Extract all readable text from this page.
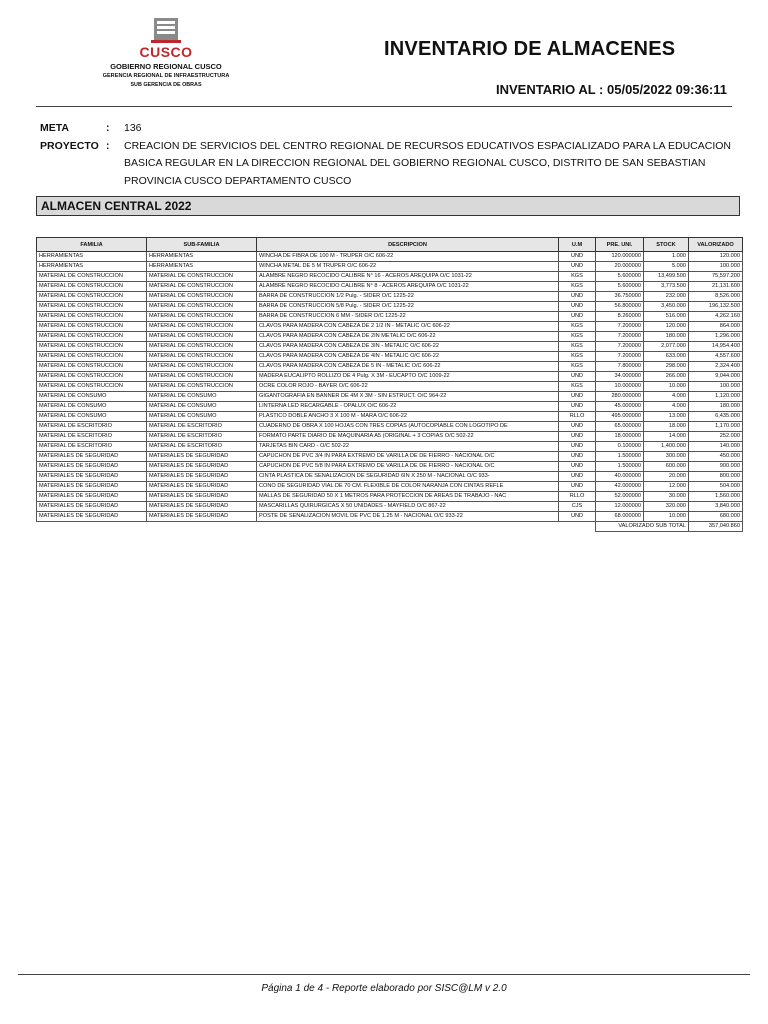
CUSCO
GOBIERNO REGIONAL CUSCO
GERENCIA REGIONAL DE INFRAESTRUCTURA
SUB GERENCIA DE OBRAS
INVENTARIO DE ALMACENES
INVENTARIO AL : 05/05/2022 09:36:11
META	:	136
PROYECTO :	CREACION DE SERVICIOS DEL CENTRO REGIONAL DE RECURSOS EDUCATIVOS ESPACIALIZADO PARA LA EDUCACION
BASICA REGULAR EN LA DIRECCION REGIONAL DEL GOBIERNO REGIONAL CUSCO, DISTRITO DE SAN SEBASTIAN
PROVINCIA CUSCO DEPARTAMENTO CUSCO
ALMACEN CENTRAL 2022
FAMILIA	SUB-FAMILIA	DESCRIPCION	U.M	PRE. UNI.	STOCK	VALORIZADO
HERRAMIENTAS	HERRAMIENTAS	WINCHA DE FIBRA DE 100 M - TRUPER O/C 606-22	UND	120.000000	1.000	120.000
HERRAMIENTAS	HERRAMIENTAS	WINCHA METAL DE 5 M TRUPER O/C 606-22	UND	20.000000	5.000	100.000
MATERIAL DE CONSTRUCCION	MATERIAL DE CONSTRUCCION	ALAMBRE NEGRO RECOCIDO CALIBRE N° 16 - ACEROS AREQUIPA O/C 1031-22	KGS	5.600000	13,499.500	75,597.200
MATERIAL DE CONSTRUCCION	MATERIAL DE CONSTRUCCION	ALAMBRE NEGRO RECOCIDO CALIBRE N° 8 - ACEROS AREQUIPA O/C 1031-22	KGS	5.600000	3,773.500	21,131.600
MATERIAL DE CONSTRUCCION	MATERIAL DE CONSTRUCCION	BARRA DE CONSTRUCCION 1/2 Pulg. - SIDER O/C 1225-22	UND	36.750000	232.000	8,526.000
MATERIAL DE CONSTRUCCION	MATERIAL DE CONSTRUCCION	BARRA DE CONSTRUCCION 5/8 Pulg. - SIDER O/C 1225-22	UND	56.800000	3,450.000	196,132.500
MATERIAL DE CONSTRUCCION	MATERIAL DE CONSTRUCCION	BARRA DE CONSTRUCCION 6 MM - SIDER O/C 1225-22	UND	8.260000	516.000	4,262.160
MATERIAL DE CONSTRUCCION	MATERIAL DE CONSTRUCCION	CLAVOS PARA MADERA CON CABEZA DE 2 1/2 IN - METALIC O/C 606-22	KGS	7.200000	120.000	864.000
MATERIAL DE CONSTRUCCION	MATERIAL DE CONSTRUCCION	CLAVOS PARA MADERA CON CABEZA DE 2IN METALIC O/C 606-22	KGS	7.200000	180.000	1,296.000
MATERIAL DE CONSTRUCCION	MATERIAL DE CONSTRUCCION	CLAVOS PARA MADERA CON CABEZA DE 3IN - METALIC O/C 606-22	KGS	7.200000	2,077.000	14,954.400
MATERIAL DE CONSTRUCCION	MATERIAL DE CONSTRUCCION	CLAVOS PARA MADERA CON CABEZA DE 4IN - METALIC O/C 606-22	KGS	7.200000	633.000	4,557.600
MATERIAL DE CONSTRUCCION	MATERIAL DE CONSTRUCCION	CLAVOS PARA MADERA CON CABEZA DE 5 IN - METALIC O/C 606-22	KGS	7.800000	298.000	2,324.400
MATERIAL DE CONSTRUCCION	MATERIAL DE CONSTRUCCION	MADERA EUCALIPTO ROLLIZO DE 4 Pulg. X 3M - EUCAPTO O/C 1009-22	UND	34.000000	266.000	9,044.000
MATERIAL DE CONSTRUCCION	MATERIAL DE CONSTRUCCION	OCRE COLOR ROJO - BAYER O/C 606-22	KGS	10.000000	10.000	100.000
MATERIAL DE CONSUMO	MATERIAL DE CONSUMO	GIGANTOGRAFIA EN BANNER DE 4M X 3M - SIN ESTRUCT. O/C 964-22	UND	280.000000	4.000	1,120.000
MATERIAL DE CONSUMO	MATERIAL DE CONSUMO	LINTERNA LED RECARGABLE - OPALUX O/C 606-22	UND	45.000000	4.000	180.000
MATERIAL DE CONSUMO	MATERIAL DE CONSUMO	PLASTICO DOBLE ANCHO 3 X 100 M - MARA O/C 606-22	RLLO	495.000000	13.000	6,435.000
MATERIAL DE ESCRITORIO	MATERIAL DE ESCRITORIO	CUADERNO DE OBRA X 100 HOJAS CON TRES COPIAS (AUTOCOPIABLE CON LOGOTIPO DE	UND	65.000000	18.000	1,170.000
MATERIAL DE ESCRITORIO	MATERIAL DE ESCRITORIO	FORMATO PARTE DIARIO DE MAQUINARIA A5 (ORIGINAL + 3 COPIAS O/C 502-22	UND	18.000000	14.000	252.000
MATERIAL DE ESCRITORIO	MATERIAL DE ESCRITORIO	TARJETAS BIN CARD - O/C 502-22	UND	0.100000	1,400.000	140.000
MATERIALES DE SEGURIDAD	MATERIALES DE SEGURIDAD	CAPUCHON DE PVC 3/4 IN PARA EXTREMO DE VARILLA DE DE FIERRO - NACIONAL O/C	UND	1.500000	300.000	450.000
MATERIALES DE SEGURIDAD	MATERIALES DE SEGURIDAD	CAPUCHON DE PVC 5/8 IN PARA EXTREMO DE VARILLA DE DE FIERRO - NACIONAL O/C	UND	1.500000	600.000	900.000
MATERIALES DE SEGURIDAD	MATERIALES DE SEGURIDAD	CINTA PLASTICA DE SENALIZACION DE SEGURIDAD 6IN X 250 M - NACIONAL O/C 933-	UND	40.000000	20.000	800.000
MATERIALES DE SEGURIDAD	MATERIALES DE SEGURIDAD	CONO DE SEGURIDAD VIAL DE 70 CM. FLEXIBLE DE COLOR NARANJA CON CINTAS REFLE	UND	42.000000	12.000	504.000
MATERIALES DE SEGURIDAD	MATERIALES DE SEGURIDAD	MALLAS DE SEGURIDAD 50 X 1 METROS PARA PROTECCION DE AREAS DE TRABAJO - NAC	RLLO	52.000000	30.000	1,560.000
MATERIALES DE SEGURIDAD	MATERIALES DE SEGURIDAD	MASCARILLAS QUIRURGICAS X 50 UNIDADES - MAYFIELD O/C 867-22	CJS	12.000000	320.000	3,840.000
MATERIALES DE SEGURIDAD	MATERIALES DE SEGURIDAD	POSTE DE SENALIZACION MOVIL DE PVC DE 1.25 M - NACIONAL O/C 933-22	UND	68.000000	10.000	680.000
				VALORIZADO SUB TOTAL		357,040.860
Página 1 de 4 - Reporte elaborado por SISC@LM v 2.0
